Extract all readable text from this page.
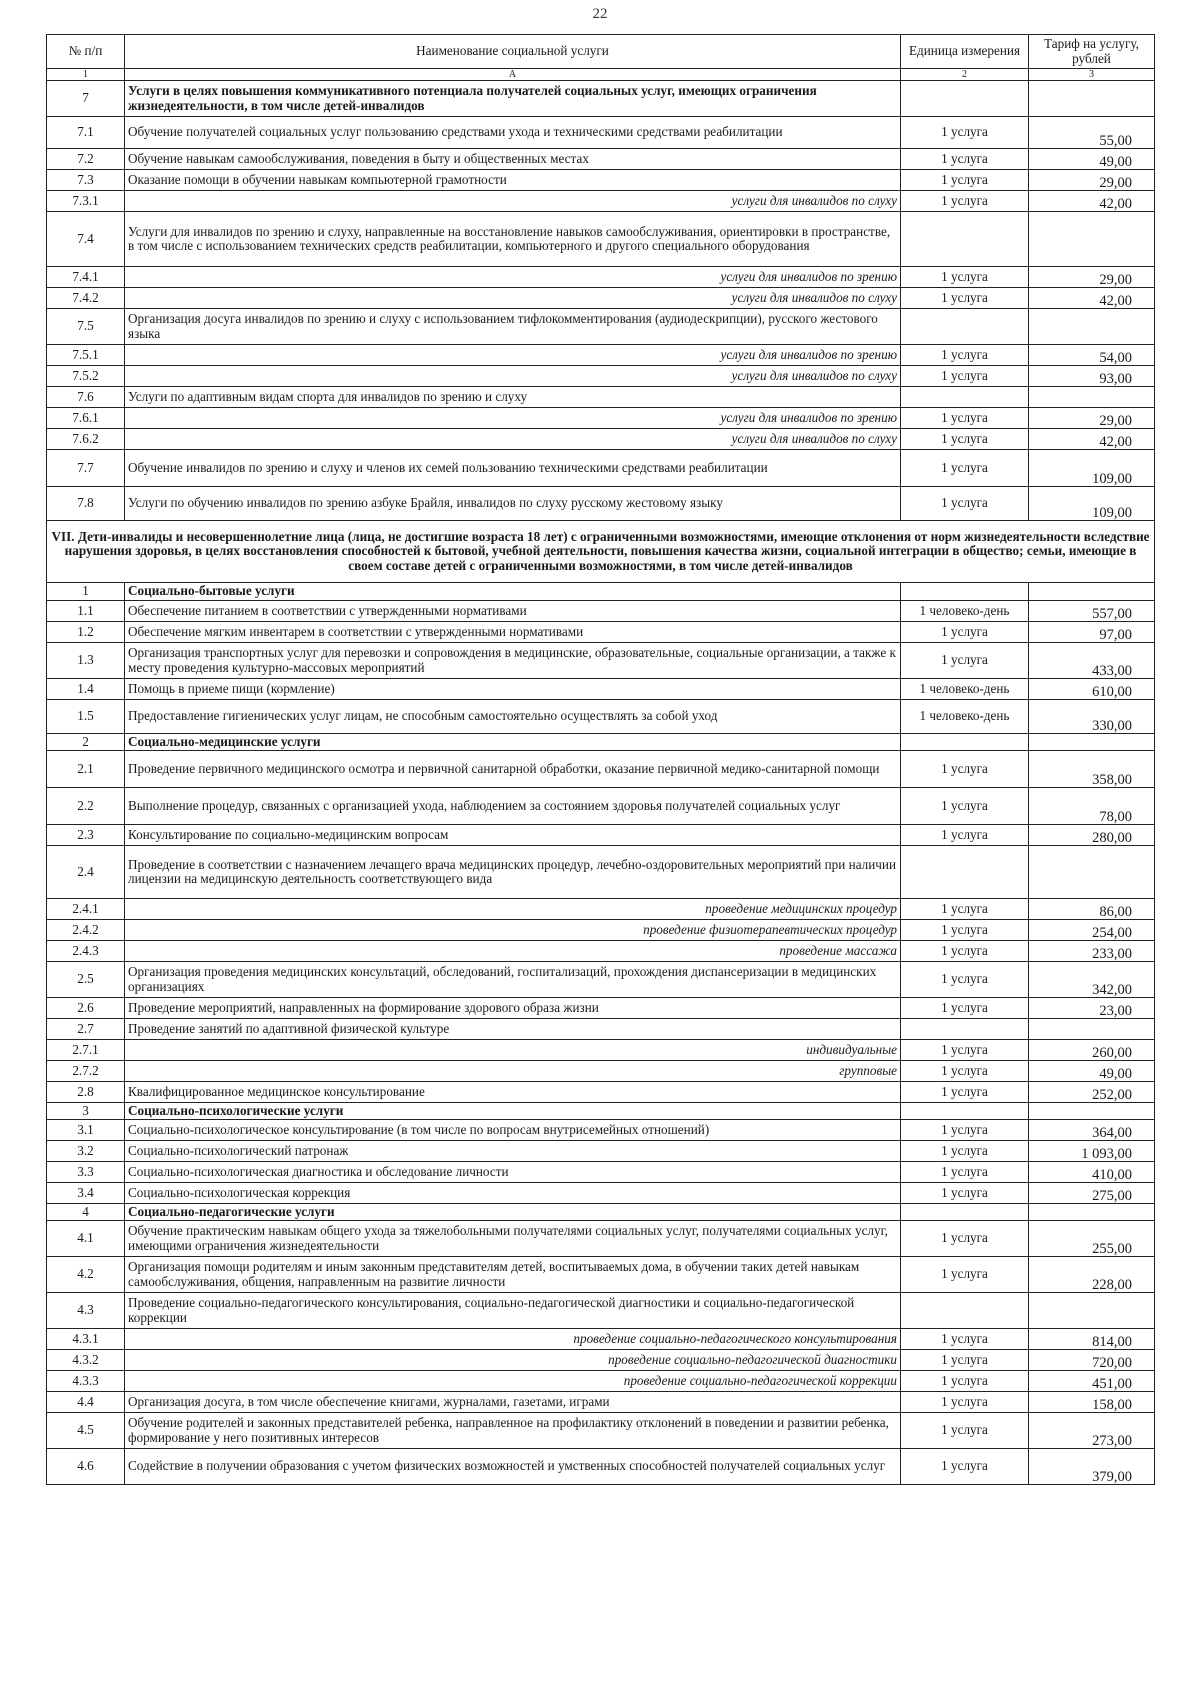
22
№ п/п	Наименование социальной услуги	Единица измерения	Тариф на услугу, рублей
1	А	2	3
7	Услуги в целях повышения коммуникативного потенциала получателей социальных услуг, имеющих ограничения жизнедеятельности, в том числе детей-инвалидов		
7.1	Обучение получателей социальных услуг пользованию средствами ухода и техническими средствами реабилитации	1 услуга	55,00
7.2	Обучение навыкам самообслуживания, поведения в быту и общественных местах	1 услуга	49,00
7.3	Оказание помощи в обучении навыкам компьютерной грамотности	1 услуга	29,00
7.3.1	услуги для инвалидов по слуху	1 услуга	42,00
7.4	Услуги для инвалидов по зрению и слуху, направленные на восстановление навыков самообслуживания, ориентировки в пространстве, в том числе с использованием технических средств реабилитации, компьютерного и другого специального оборудования		
7.4.1	услуги для инвалидов по зрению	1 услуга	29,00
7.4.2	услуги для инвалидов по слуху	1 услуга	42,00
7.5	Организация досуга инвалидов по зрению и слуху с использованием тифлокомментирования (аудиодескрипции), русского жестового языка		
7.5.1	услуги для инвалидов по зрению	1 услуга	54,00
7.5.2	услуги для инвалидов по слуху	1 услуга	93,00
7.6	Услуги по адаптивным видам спорта для инвалидов по зрению и слуху		
7.6.1	услуги для инвалидов по зрению	1 услуга	29,00
7.6.2	услуги для инвалидов по слуху	1 услуга	42,00
7.7	Обучение инвалидов по зрению и слуху и членов их семей пользованию техническими средствами реабилитации	1 услуга	109,00
7.8	Услуги по обучению инвалидов по зрению азбуке Брайля, инвалидов по слуху русскому жестовому языку	1 услуга	109,00
VII. Дети-инвалиды и несовершеннолетние лица (лица, не достигшие возраста 18 лет) с ограниченными возможностями, имеющие отклонения от норм жизнедеятельности вследствие нарушения здоровья, в целях восстановления способностей к бытовой, учебной деятельности, повышения качества жизни, социальной интеграции в общество; семьи, имеющие в своем составе детей с ограниченными возможностями, в том числе детей-инвалидов			
1	Социально-бытовые услуги		
1.1	Обеспечение питанием в соответствии с утвержденными нормативами	1 человеко-день	557,00
1.2	Обеспечение мягким инвентарем в соответствии с утвержденными нормативами	1 услуга	97,00
1.3	Организация транспортных услуг для перевозки и сопровождения в медицинские, образовательные, социальные организации, а также к месту проведения культурно-массовых мероприятий	1 услуга	433,00
1.4	Помощь в приеме пищи (кормление)	1 человеко-день	610,00
1.5	Предоставление гигиенических услуг лицам, не способным самостоятельно осуществлять за собой уход	1 человеко-день	330,00
2	Социально-медицинские услуги		
2.1	Проведение первичного медицинского осмотра и первичной санитарной обработки, оказание первичной медико-санитарной помощи	1 услуга	358,00
2.2	Выполнение процедур, связанных с организацией ухода, наблюдением за состоянием здоровья получателей социальных услуг	1 услуга	78,00
2.3	Консультирование по социально-медицинским вопросам	1 услуга	280,00
2.4	Проведение в соответствии с назначением лечащего врача медицинских процедур, лечебно-оздоровительных мероприятий при наличии лицензии на медицинскую деятельность соответствующего вида		
2.4.1	проведение медицинских процедур	1 услуга	86,00
2.4.2	проведение физиотерапевтических процедур	1 услуга	254,00
2.4.3	проведение массажа	1 услуга	233,00
2.5	Организация проведения медицинских консультаций, обследований, госпитализаций, прохождения диспансеризации в медицинских организациях	1 услуга	342,00
2.6	Проведение мероприятий, направленных на формирование здорового образа жизни	1 услуга	23,00
2.7	Проведение занятий по адаптивной физической культуре		
2.7.1	индивидуальные	1 услуга	260,00
2.7.2	групповые	1 услуга	49,00
2.8	Квалифицированное медицинское консультирование	1 услуга	252,00
3	Социально-психологические услуги		
3.1	Социально-психологическое консультирование (в том числе по вопросам внутрисемейных отношений)	1 услуга	364,00
3.2	Социально-психологический патронаж	1 услуга	1 093,00
3.3	Социально-психологическая диагностика и обследование личности	1 услуга	410,00
3.4	Социально-психологическая коррекция	1 услуга	275,00
4	Социально-педагогические услуги		
4.1	Обучение практическим навыкам общего ухода за тяжелобольными получателями социальных услуг, получателями социальных услуг, имеющими ограничения жизнедеятельности	1 услуга	255,00
4.2	Организация помощи родителям и иным законным представителям детей, воспитываемых дома, в обучении таких детей навыкам самообслуживания, общения, направленным на развитие личности	1 услуга	228,00
4.3	Проведение социально-педагогического консультирования, социально-педагогической диагностики и социально-педагогической коррекции		
4.3.1	проведение социально-педагогического консультирования	1 услуга	814,00
4.3.2	проведение социально-педагогической диагностики	1 услуга	720,00
4.3.3	проведение социально-педагогической коррекции	1 услуга	451,00
4.4	Организация досуга, в том числе обеспечение книгами, журналами, газетами, играми	1 услуга	158,00
4.5	Обучение родителей и законных представителей ребенка, направленное на профилактику отклонений в поведении и развитии ребенка, формирование у него позитивных интересов	1 услуга	273,00
4.6	Содействие в получении образования с учетом физических возможностей и умственных способностей получателей социальных услуг	1 услуга	379,00
